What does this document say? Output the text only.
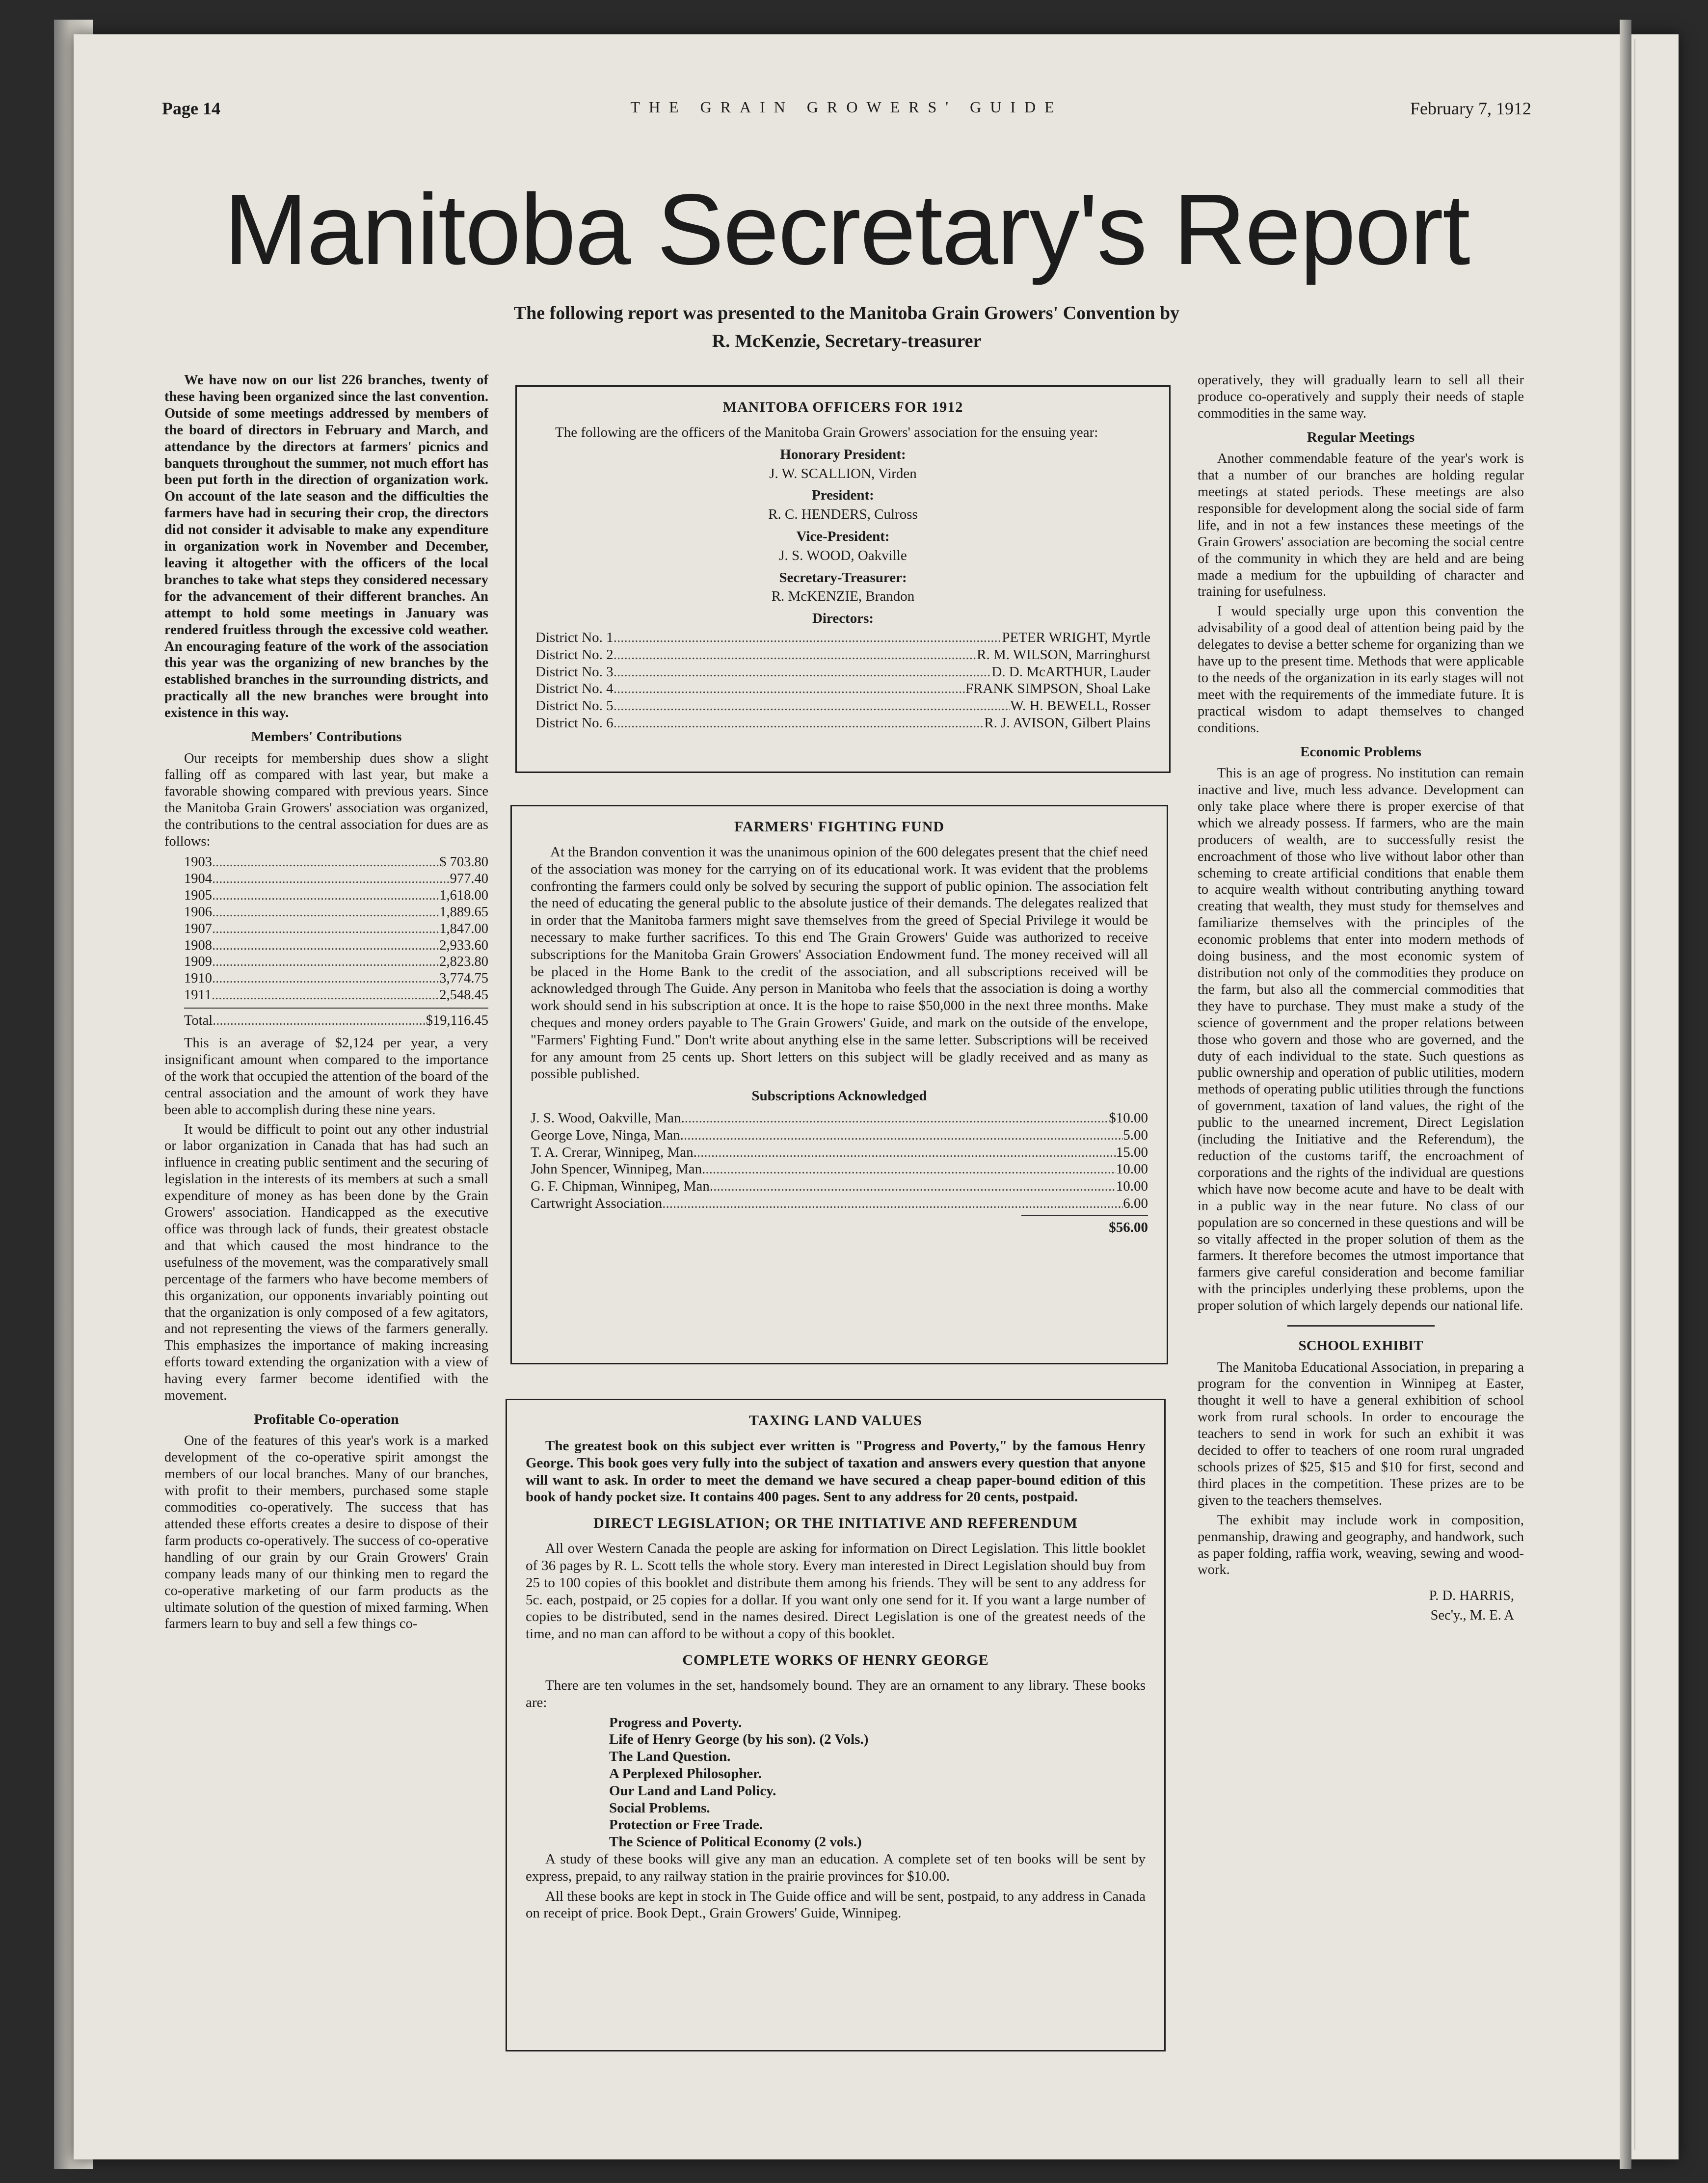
Page 14	THE GRAIN GROWERS' GUIDE	February 7, 1912
Manitoba Secretary's Report
The following report was presented to the Manitoba Grain Growers' Convention by
R. McKenzie, Secretary-treasurer

We have now on our list 226 branches, twenty of these having been organized since the last convention. Outside of some meetings addressed by members of the board of directors in February and March, and attendance by the directors at farmers' picnics and banquets throughout the summer, not much effort has been put forth in the direction of organization work. On account of the late season and the difficulties the farmers have had in securing their crop, the directors did not consider it advisable to make any expenditure in organization work in November and December, leaving it altogether with the officers of the local branches to take what steps they considered necessary for the advancement of their different branches. An attempt to hold some meetings in January was rendered fruitless through the excessive cold weather. An encouraging feature of the work of the association this year was the organizing of new branches by the established branches in the surrounding districts, and practically all the new branches were brought into existence in this way.

Members' Contributions

Our receipts for membership dues show a slight falling off as compared with last year, but make a favorable showing compared with previous years. Since the Manitoba Grain Growers' association was organized, the contributions to the central association for dues are as follows:

1903 .....	$ 703.80
1904 .....	977.40
1905 .....	1,618.00
1906 .....	1,889.65
1907 .....	1,847.00
1908 .....	2,933.60
1909 .....	2,823.80
1910 .....	3,774.75
1911 .....	2,548.45
Total .....	$19,116.45

This is an average of $2,124 per year, a very insignificant amount when compared to the importance of the work that occupied the attention of the board of the central association and the amount of work they have been able to accomplish during these nine years.

It would be difficult to point out any other industrial or labor organization in Canada that has had such an influence in creating public sentiment and the securing of legislation in the interests of its members at such a small expenditure of money as has been done by the Grain Growers' association. Handicapped as the executive office was through lack of funds, their greatest obstacle and that which caused the most hindrance to the usefulness of the movement, was the comparatively small percentage of the farmers who have become members of this organization, our opponents invariably pointing out that the organization is only composed of a few agitators, and not representing the views of the farmers generally. This emphasizes the importance of making increasing efforts toward extending the organization with a view of having every farmer become identified with the movement.

Profitable Co-operation

One of the features of this year's work is a marked development of the co-operative spirit amongst the members of our local branches. Many of our branches, with profit to their members, purchased some staple commodities co-operatively. The success that has attended these efforts creates a desire to dispose of their farm products co-operatively. The success of co-operative handling of our grain by our Grain Growers' Grain company leads many of our thinking men to regard the co-operative marketing of our farm products as the ultimate solution of the question of mixed farming. When farmers learn to buy and sell a few things co-

MANITOBA OFFICERS FOR 1912

The following are the officers of the Manitoba Grain Growers' association for the ensuing year:

Honorary President:
J. W. SCALLION, Virden
President:
R. C. HENDERS, Culross
Vice-President:
J. S. WOOD, Oakville
Secretary-Treasurer:
R. McKENZIE, Brandon
Directors:
District No. 1 .....	PETER WRIGHT, Myrtle
District No. 2 .....	R. M. WILSON, Marringhurst
District No. 3 .....	D. D. McARTHUR, Lauder
District No. 4 .....	FRANK SIMPSON, Shoal Lake
District No. 5 .....	W. H. BEWELL, Rosser
District No. 6 .....	R. J. AVISON, Gilbert Plains
FARMERS' FIGHTING FUND

At the Brandon convention it was the unanimous opinion of the 600 delegates present that the chief need of the association was money for the carrying on of its educational work. It was evident that the problems confronting the farmers could only be solved by securing the support of public opinion. The association felt the need of educating the general public to the absolute justice of their demands. The delegates realized that in order that the Manitoba farmers might save themselves from the greed of Special Privilege it would be necessary to make further sacrifices. To this end The Grain Growers' Guide was authorized to receive subscriptions for the Manitoba Grain Growers' Association Endowment fund. The money received will all be placed in the Home Bank to the credit of the association, and all subscriptions received will be acknowledged through The Guide. Any person in Manitoba who feels that the association is doing a worthy work should send in his subscription at once. It is the hope to raise $50,000 in the next three months. Make cheques and money orders payable to The Grain Growers' Guide, and mark on the outside of the envelope, "Farmers' Fighting Fund." Don't write about anything else in the same letter. Subscriptions will be received for any amount from 25 cents up. Short letters on this subject will be gladly received and as many as possible published.

Subscriptions Acknowledged
J. S. Wood, Oakville, Man. .....	$10.00
George Love, Ninga, Man. .....	5.00
T. A. Crerar, Winnipeg, Man. .....	15.00
John Spencer, Winnipeg, Man. .....	10.00
G. F. Chipman, Winnipeg, Man. .....	10.00
Cartwright Association .....	6.00
$56.00
TAXING LAND VALUES

The greatest book on this subject ever written is "Progress and Poverty," by the famous Henry George. This book goes very fully into the subject of taxation and answers every question that anyone will want to ask. In order to meet the demand we have secured a cheap paper-bound edition of this book of handy pocket size. It contains 400 pages. Sent to any address for 20 cents, postpaid.

DIRECT LEGISLATION; OR THE INITIATIVE AND REFERENDUM

All over Western Canada the people are asking for information on Direct Legislation. This little booklet of 36 pages by R. L. Scott tells the whole story. Every man interested in Direct Legislation should buy from 25 to 100 copies of this booklet and distribute them among his friends. They will be sent to any address for 5c. each, postpaid, or 25 copies for a dollar. If you want only one send for it. If you want a large number of copies to be distributed, send in the names desired. Direct Legislation is one of the greatest needs of the time, and no man can afford to be without a copy of this booklet.

COMPLETE WORKS OF HENRY GEORGE

There are ten volumes in the set, handsomely bound. They are an ornament to any library. These books are:

Progress and Poverty.
Life of Henry George (by his son). (2 Vols.)
The Land Question.
A Perplexed Philosopher.
Our Land and Land Policy.
Social Problems.
Protection or Free Trade.
The Science of Political Economy (2 vols.)

A study of these books will give any man an education. A complete set of ten books will be sent by express, prepaid, to any railway station in the prairie provinces for $10.00.

All these books are kept in stock in The Guide office and will be sent, postpaid, to any address in Canada on receipt of price. Book Dept., Grain Growers' Guide, Winnipeg.

operatively, they will gradually learn to sell all their produce co-operatively and supply their needs of staple commodities in the same way.

Regular Meetings

Another commendable feature of the year's work is that a number of our branches are holding regular meetings at stated periods. These meetings are also responsible for development along the social side of farm life, and in not a few instances these meetings of the Grain Growers' association are becoming the social centre of the community in which they are held and are being made a medium for the upbuilding of character and training for usefulness.

I would specially urge upon this convention the advisability of a good deal of attention being paid by the delegates to devise a better scheme for organizing than we have up to the present time. Methods that were applicable to the needs of the organization in its early stages will not meet with the requirements of the immediate future. It is practical wisdom to adapt themselves to changed conditions.

Economic Problems

This is an age of progress. No institution can remain inactive and live, much less advance. Development can only take place where there is proper exercise of that which we already possess. If farmers, who are the main producers of wealth, are to successfully resist the encroachment of those who live without labor other than scheming to create artificial conditions that enable them to acquire wealth without contributing anything toward creating that wealth, they must study for themselves and familiarize themselves with the principles of the economic problems that enter into modern methods of doing business, and the most economic system of distribution not only of the commodities they produce on the farm, but also all the commercial commodities that they have to purchase. They must make a study of the science of government and the proper relations between those who govern and those who are governed, and the duty of each individual to the state. Such questions as public ownership and operation of public utilities, modern methods of operating public utilities through the functions of government, taxation of land values, the right of the public to the unearned increment, Direct Legislation (including the Initiative and the Referendum), the reduction of the customs tariff, the encroachment of corporations and the rights of the individual are questions which have now become acute and have to be dealt with in a public way in the near future. No class of our population are so concerned in these questions and will be so vitally affected in the proper solution of them as the farmers. It therefore becomes the utmost importance that farmers give careful consideration and become familiar with the principles underlying these problems, upon the proper solution of which largely depends our national life.

SCHOOL EXHIBIT

The Manitoba Educational Association, in preparing a program for the convention in Winnipeg at Easter, thought it well to have a general exhibition of school work from rural schools. In order to encourage the teachers to send in work for such an exhibit it was decided to offer to teachers of one room rural ungraded schools prizes of $25, $15 and $10 for first, second and third places in the competition. These prizes are to be given to the teachers themselves.

The exhibit may include work in composition, penmanship, drawing and geography, and handwork, such as paper folding, raffia work, weaving, sewing and wood-work.

P. D. HARRIS,
Sec'y., M. E. A
